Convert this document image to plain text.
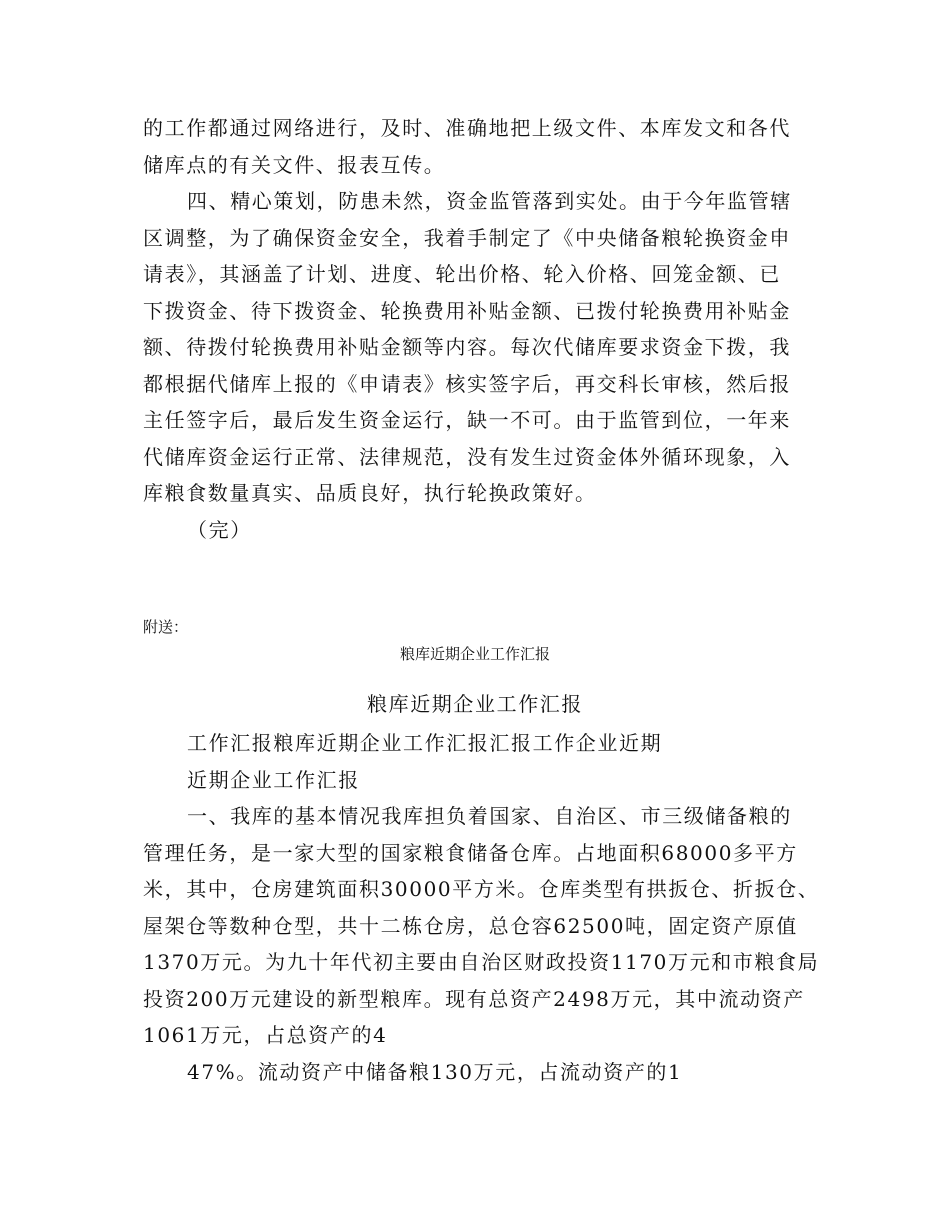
的工作都通过网络进行，及时、准确地把上级文件、本库发文和各代
储库点的有关文件、报表互传。

四、精心策划，防患未然，资金监管落到实处。由于今年监管辖
区调整，为了确保资金安全，我着手制定了《中央储备粮轮换资金申
请表》，其涵盖了计划、进度、轮出价格、轮入价格、回笼金额、已
下拨资金、待下拨资金、轮换费用补贴金额、已拨付轮换费用补贴金
额、待拨付轮换费用补贴金额等内容。每次代储库要求资金下拨，我
都根据代储库上报的《申请表》核实签字后，再交科长审核，然后报
主任签字后，最后发生资金运行，缺一不可。由于监管到位，一年来
代储库资金运行正常、法律规范，没有发生过资金体外循环现象，入
库粮食数量真实、品质良好，执行轮换政策好。

（完）

附送：
粮库近期企业工作汇报
粮库近期企业工作汇报

工作汇报粮库近期企业工作汇报汇报工作企业近期
近期企业工作汇报

一、我库的基本情况我库担负着国家、自治区、市三级储备粮的
管理任务，是一家大型的国家粮食储备仓库。占地面积68000多平方
米，其中，仓房建筑面积30000平方米。仓库类型有拱扳仓、折扳仓、
屋架仓等数种仓型，共十二栋仓房，总仓容62500吨，固定资产原值
1370万元。为九十年代初主要由自治区财政投资1170万元和市粮食局
投资200万元建设的新型粮库。现有总资产2498万元，其中流动资产
1061万元，占总资产的4

47%。流动资产中储备粮130万元，占流动资产的1
